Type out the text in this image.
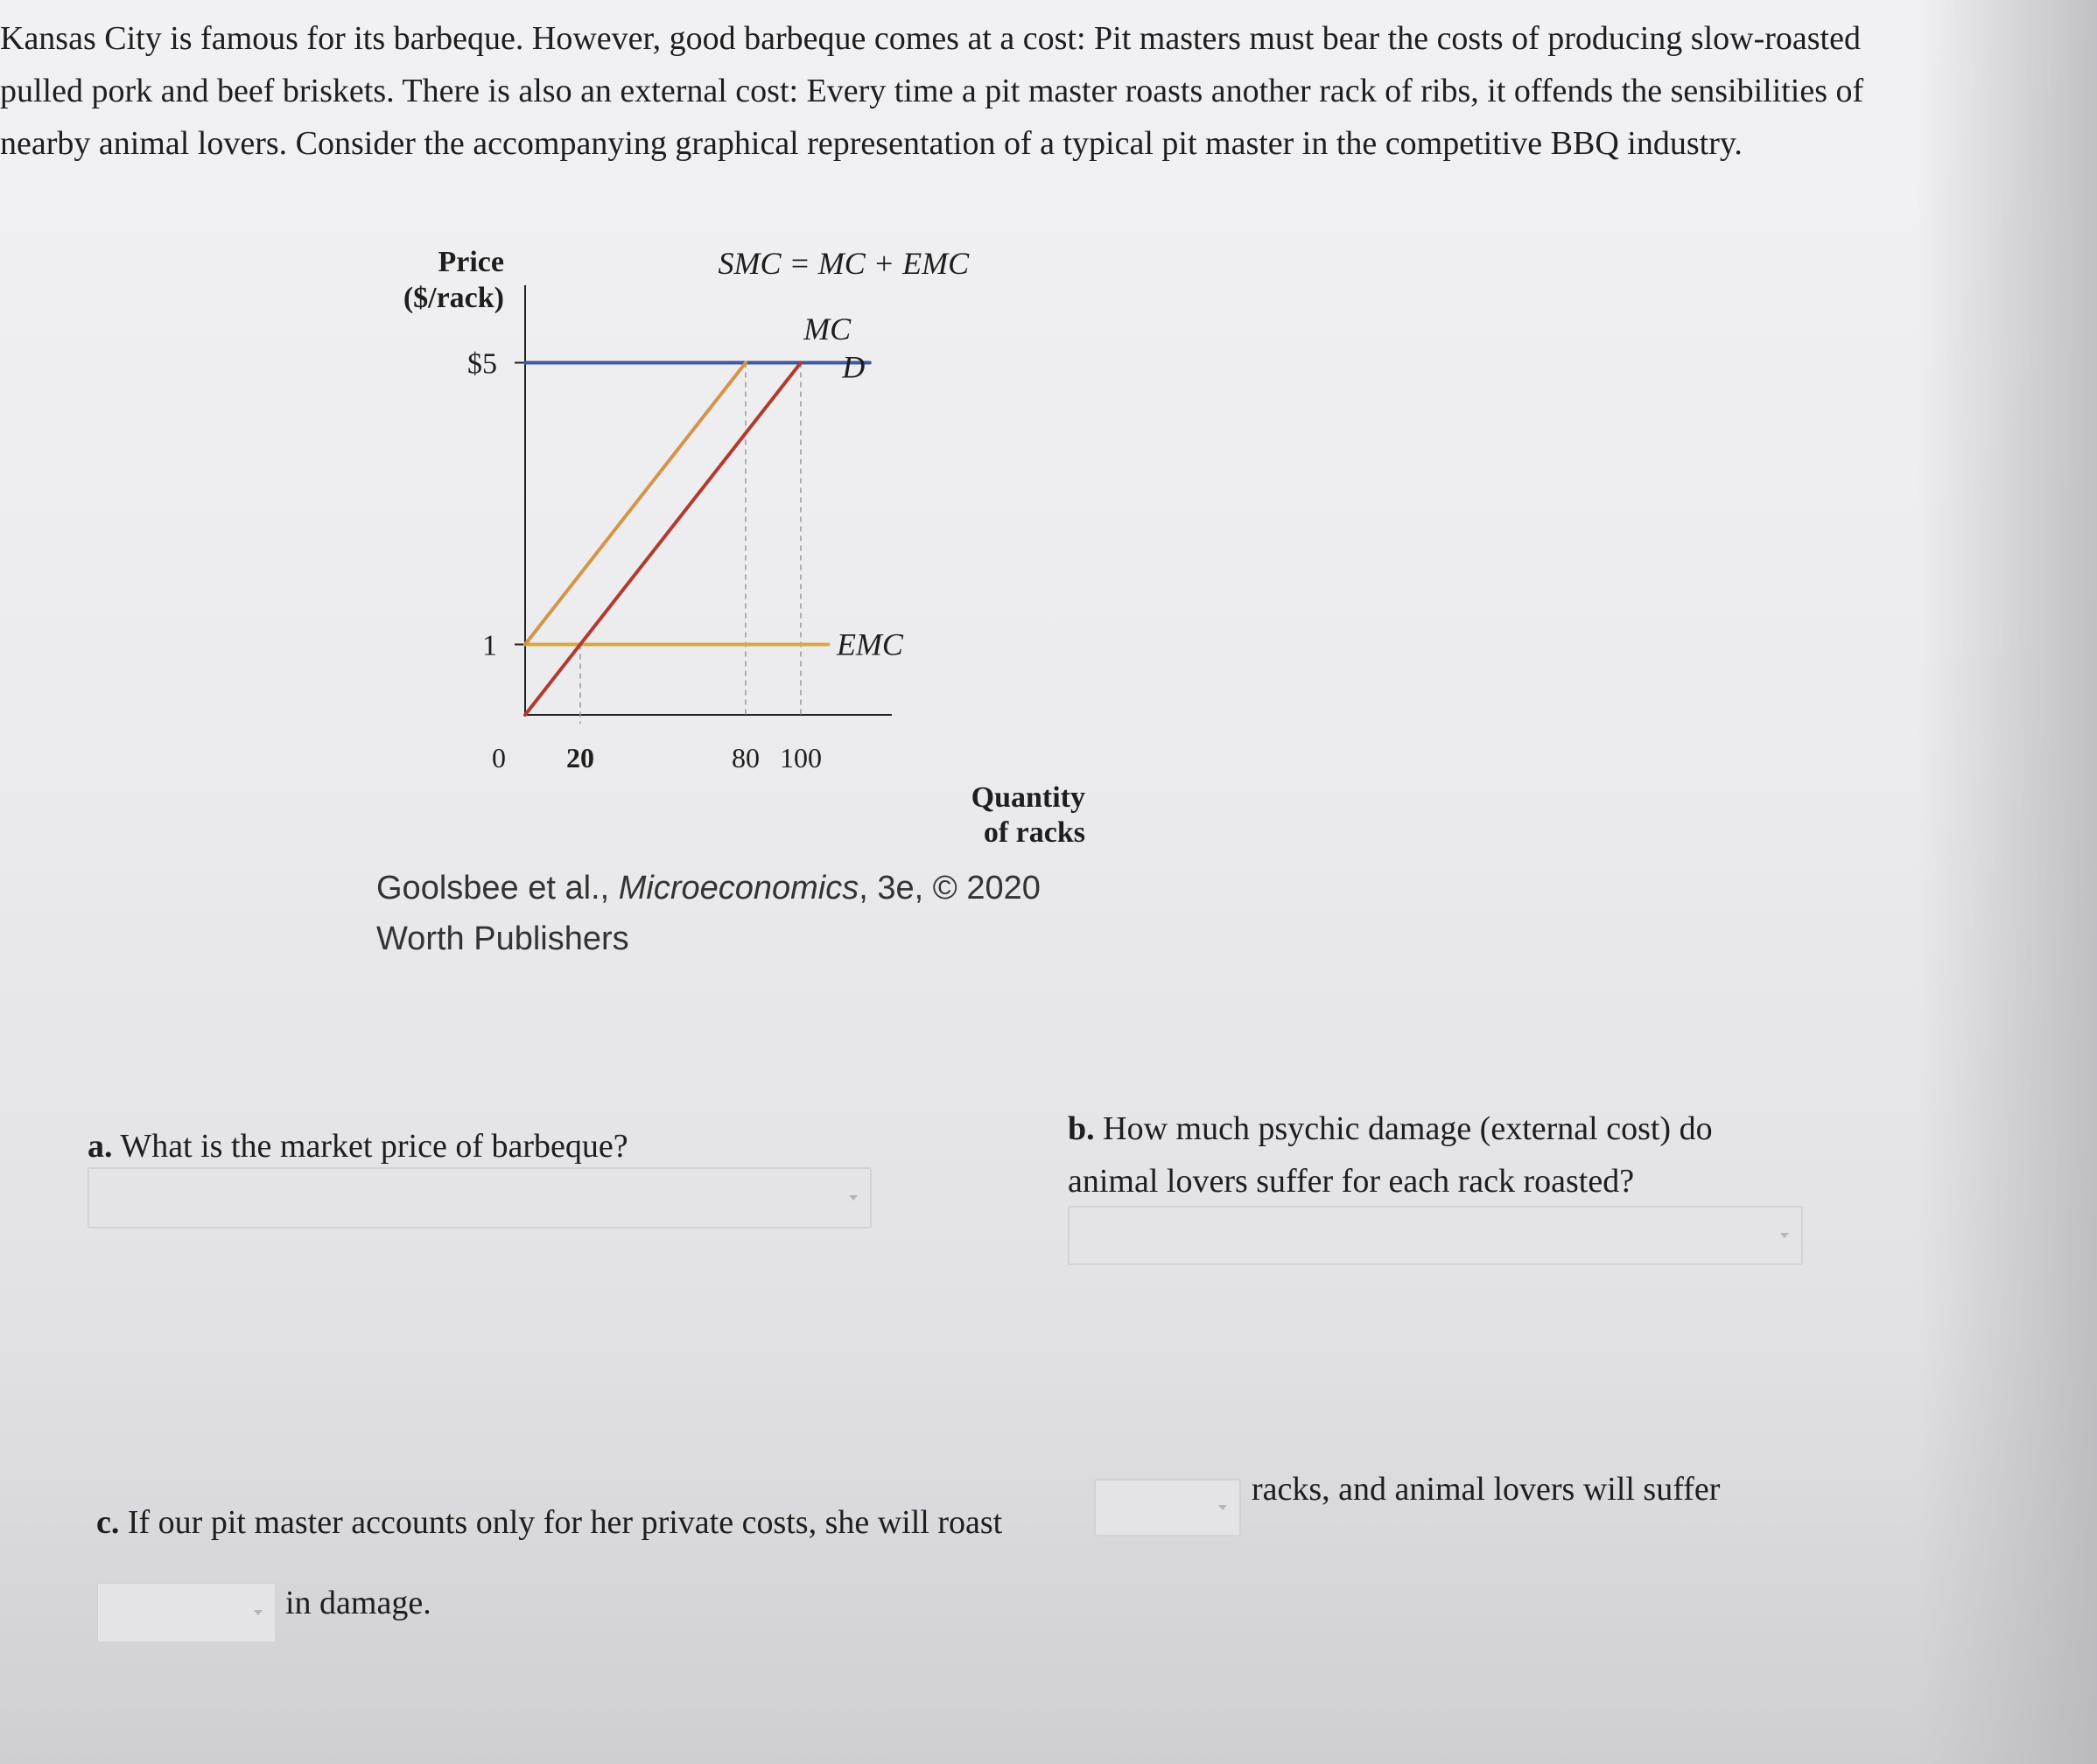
Kansas City is famous for its barbeque. However, good barbeque comes at a cost: Pit masters must bear the costs of producing slow-roasted pulled pork and beef briskets. There is also an external cost: Every time a pit master roasts another rack of ribs, it offends the sensibilities of nearby animal lovers. Consider the accompanying graphical representation of a typical pit master in the competitive BBQ industry.

Price
($/rack)
Quantity
of racks
$5
1
0 20	80 100
SMC = MC + EMC
MC
D
EMC
Goolsbee et al., Microeconomics, 3e, © 2020
Worth Publishers
a. What is the market price of barbeque?	b. How much psychic damage (external cost) do
animal lovers suffer for each rack roasted?
c. If our pit master accounts only for her private costs, she will roast
racks, and animal lovers will suffer
in damage.
